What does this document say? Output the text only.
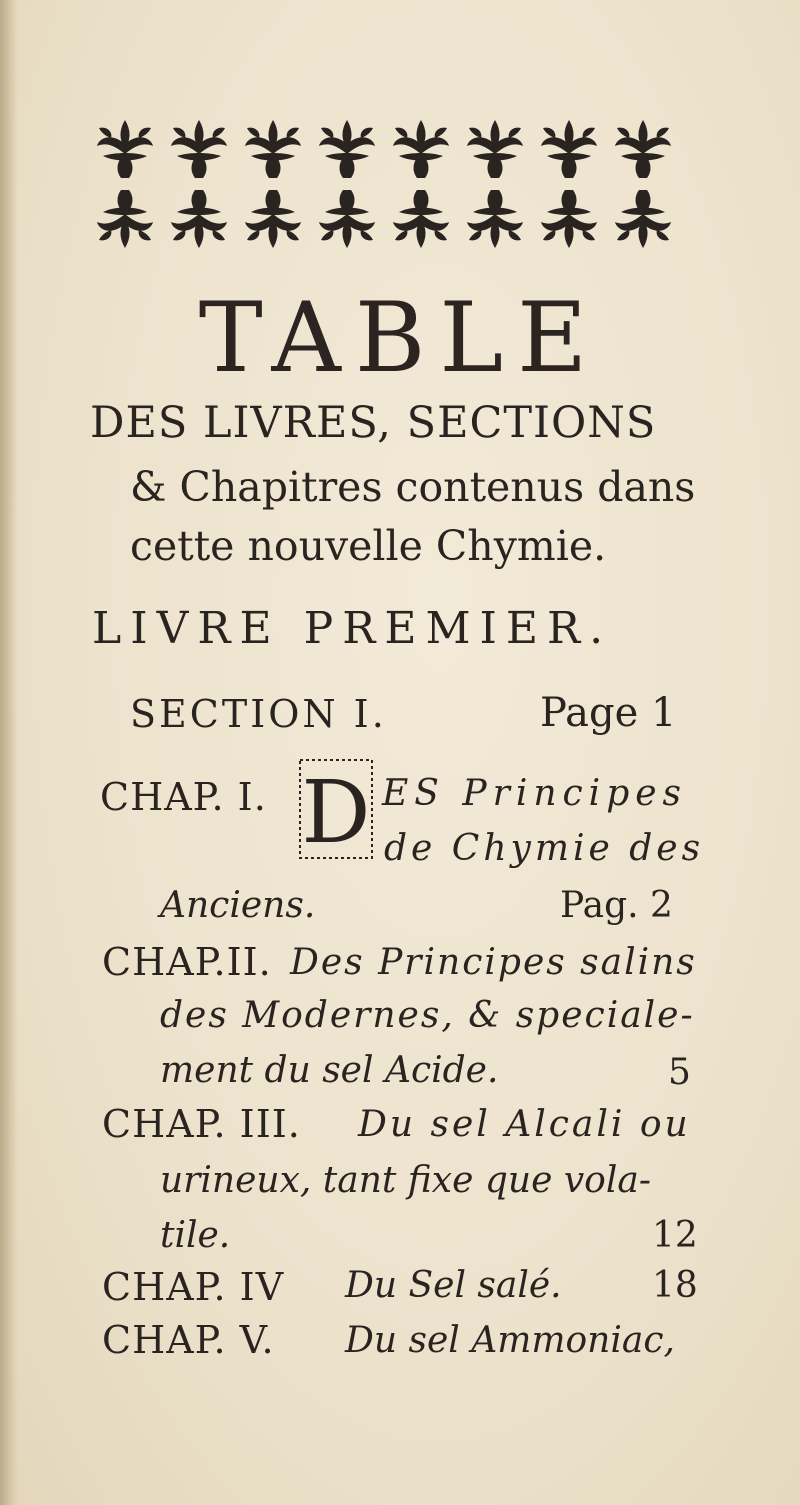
TABLE
DES LIVRES, SECTIONS
& Chapitres contenus dans
cette nouvelle Chymie.
LIVRE PREMIER.
SECTION I.	Page 1
CHAP. I. D ES Principes
de Chymie des
Anciens.	Pag. 2
CHAP.II. Des Principes salins
des Modernes, & speciale-
ment du sel Acide.	5
CHAP. III. Du sel Alcali ou
urineux, tant fixe que vola-
tile.	12
CHAP. IV Du Sel salé.	18
CHAP. V. Du sel Ammoniac,
